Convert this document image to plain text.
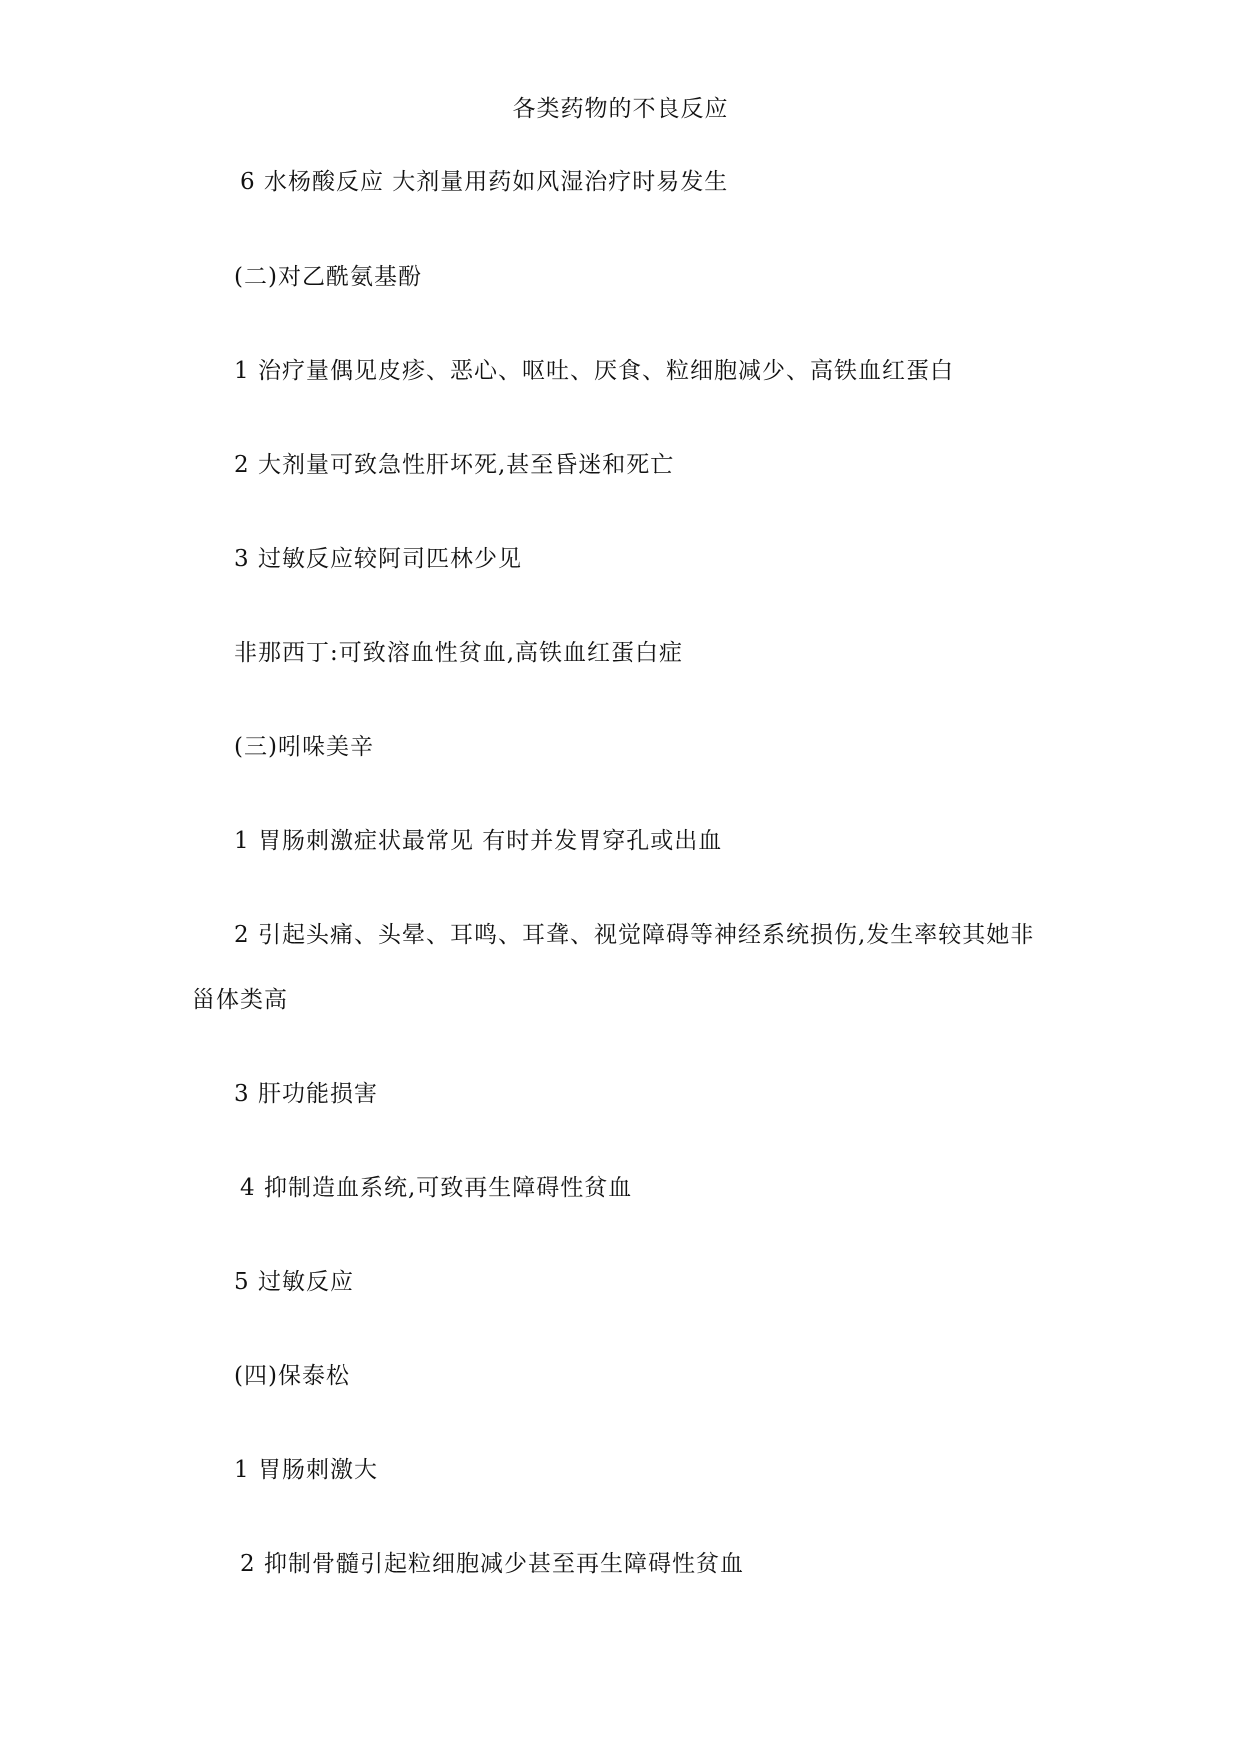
各类药物的不良反应
6 水杨酸反应 大剂量用药如风湿治疗时易发生
(二)对乙酰氨基酚
1 治疗量偶见皮疹、恶心、呕吐、厌食、粒细胞减少、高铁血红蛋白
2 大剂量可致急性肝坏死,甚至昏迷和死亡
3 过敏反应较阿司匹林少见
非那西丁:可致溶血性贫血,高铁血红蛋白症
(三)吲哚美辛
1 胃肠刺激症状最常见 有时并发胃穿孔或出血
2 引起头痛、头晕、耳鸣、耳聋、视觉障碍等神经系统损伤,发生率较其她非
甾体类高
3 肝功能损害
4 抑制造血系统,可致再生障碍性贫血
5 过敏反应
(四)保泰松
1 胃肠刺激大
2 抑制骨髓引起粒细胞减少甚至再生障碍性贫血
